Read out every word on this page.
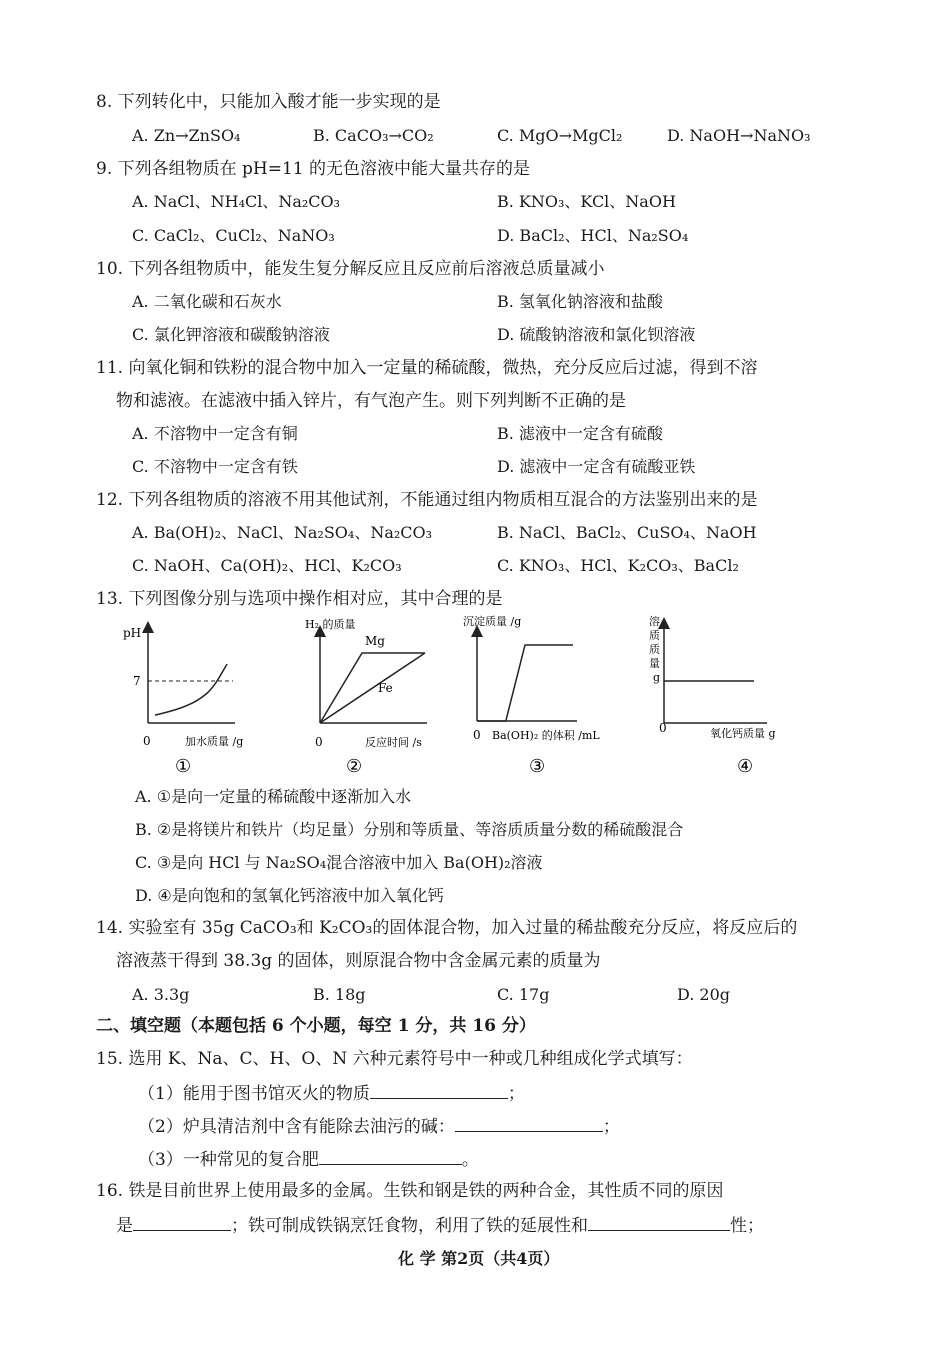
8. 下列转化中，只能加入酸才能一步实现的是
A. Zn→ZnSO₄	B. CaCO₃→CO₂	C. MgO→MgCl₂	D. NaOH→NaNO₃
9. 下列各组物质在 pH=11 的无色溶液中能大量共存的是
A. NaCl、NH₄Cl、Na₂CO₃	B. KNO₃、KCl、NaOH
C. CaCl₂、CuCl₂、NaNO₃	D. BaCl₂、HCl、Na₂SO₄
10. 下列各组物质中，能发生复分解反应且反应前后溶液总质量减小
A. 二氧化碳和石灰水	B. 氢氧化钠溶液和盐酸
C. 氯化钾溶液和碳酸钠溶液	D. 硫酸钠溶液和氯化钡溶液
11. 向氧化铜和铁粉的混合物中加入一定量的稀硫酸，微热，充分反应后过滤，得到不溶
物和滤液。在滤液中插入锌片，有气泡产生。则下列判断不正确的是
A. 不溶物中一定含有铜	B. 滤液中一定含有硫酸
C. 不溶物中一定含有铁	D. 滤液中一定含有硫酸亚铁
12. 下列各组物质的溶液不用其他试剂，不能通过组内物质相互混合的方法鉴别出来的是
A. Ba(OH)₂、NaCl、Na₂SO₄、Na₂CO₃	B. NaCl、BaCl₂、CuSO₄、NaOH
C. NaOH、Ca(OH)₂、HCl、K₂CO₃	C. KNO₃、HCl、K₂CO₃、BaCl₂
13. 下列图像分别与选项中操作相对应，其中合理的是
pH
7
0	加水质量 /g
H₂ 的质量
Mg
Fe
0	反应时间 /s
沉淀质量 /g
0 Ba(OH)₂ 的体积 /mL
溶
质
质
量
g
0	氧化钙质量 g
①	②	③	④
A. ①是向一定量的稀硫酸中逐渐加入水
B. ②是将镁片和铁片（均足量）分别和等质量、等溶质质量分数的稀硫酸混合
C. ③是向 HCl 与 Na₂SO₄混合溶液中加入 Ba(OH)₂溶液
D. ④是向饱和的氢氧化钙溶液中加入氧化钙
14. 实验室有 35g CaCO₃和 K₂CO₃的固体混合物，加入过量的稀盐酸充分反应，将反应后的
溶液蒸干得到 38.3g 的固体，则原混合物中含金属元素的质量为
A. 3.3g	B. 18g	C. 17g	D. 20g
二、填空题（本题包括 6 个小题，每空 1 分，共 16 分）
15. 选用 K、Na、C、H、O、N 六种元素符号中一种或几种组成化学式填写：
（1）能用于图书馆灭火的物质	；
（2）炉具清洁剂中含有能除去油污的碱：	；
（3）一种常见的复合肥	。
16. 铁是目前世界上使用最多的金属。生铁和钢是铁的两种合金，其性质不同的原因
是	；铁可制成铁锅烹饪食物，利用了铁的延展性和	性；
化 学 第2页（共4页）
